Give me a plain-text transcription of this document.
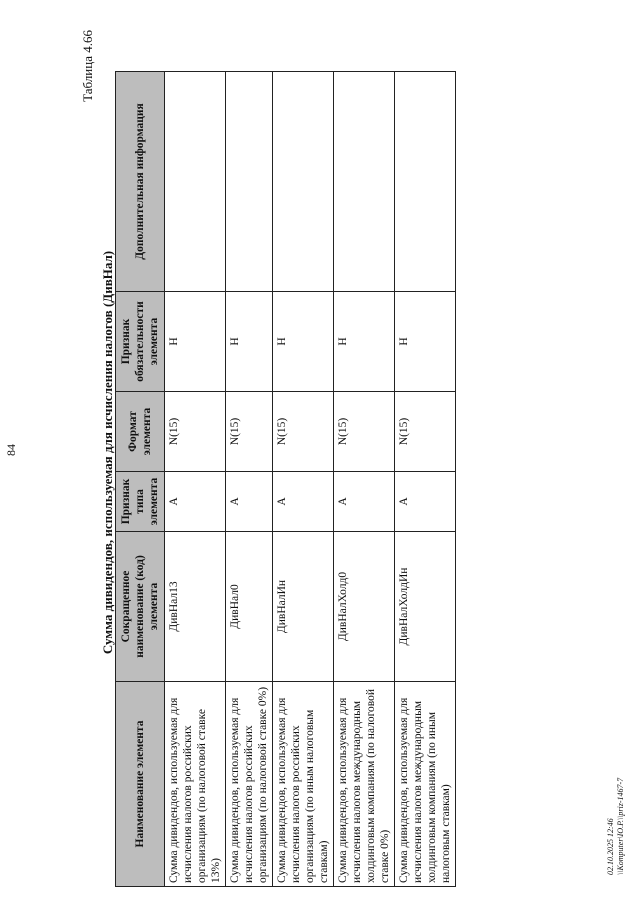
84
Таблица 4.66
Сумма дивидендов, используемая для исчисления налогов (ДивНал)
Наименование элемента	Сокращенное наименование (код) элемента	Признак типа элемента	Формат элемента	Признак обязательности элемента	Дополнительная информация
Сумма дивидендов, используемая для исчисления налогов российских организациям (по налоговой ставке 13%)	ДивНал13	А	N(15)	Н	
Сумма дивидендов, используемая для исчисления налогов российских организациям (по налоговой ставке 0%)	ДивНал0	А	N(15)	Н	
Сумма дивидендов, используемая для исчисления налогов российских организациям (по иным налоговым ставкам)	ДивНалИн	А	N(15)	Н	
Сумма дивидендов, используемая для исчисления налогов международным холдинговым компаниям (по налоговой ставке 0%)	ДивНалХолд0	А	N(15)	Н	
Сумма дивидендов, используемая для исчисления налогов международным холдинговым компаниям (по иным налоговым ставкам)	ДивНалХолдИн	А	N(15)	Н	
02.10.2025 12:46 \\Komputer\IO.P.\\priz-1467-7
